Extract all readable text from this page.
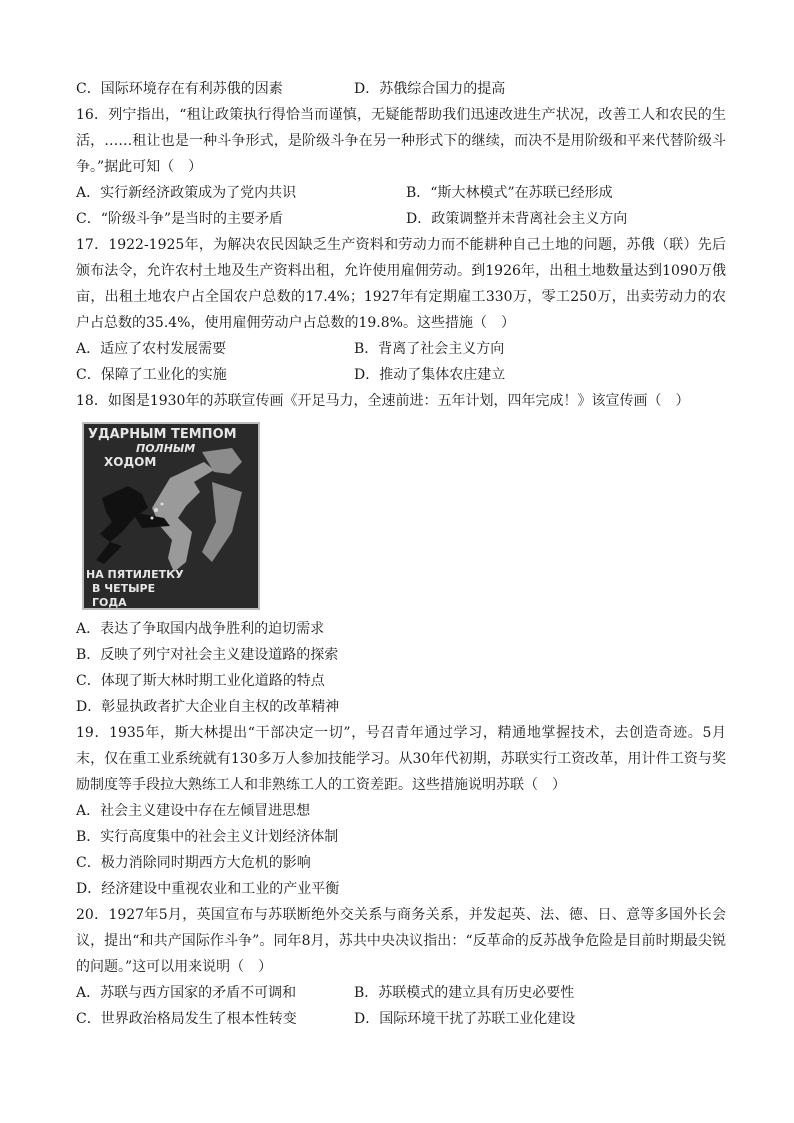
C．国际环境存在有利苏俄的因素	D．苏俄综合国力的提高
16．列宁指出，“租让政策执行得恰当而谨慎，无疑能帮助我们迅速改进生产状况，改善工人和农民的生活，……租让也是一种斗争形式，是阶级斗争在另一种形式下的继续，而决不是用阶级和平来代替阶级斗争。”据此可知（　）
A．实行新经济政策成为了党内共识	B．“斯大林模式”在苏联已经形成
C．“阶级斗争”是当时的主要矛盾	D．政策调整并未背离社会主义方向
17．1922-1925年，为解决农民因缺乏生产资料和劳动力而不能耕种自己土地的问题，苏俄（联）先后颁布法令，允许农村土地及生产资料出租，允许使用雇佣劳动。到1926年，出租土地数量达到1090万俄亩，出租土地农户占全国农户总数的17.4%；1927年有定期雇工330万，零工250万，出卖劳动力的农户占总数的35.4%，使用雇佣劳动户占总数的19.8%。这些措施（　）
A．适应了农村发展需要	B．背离了社会主义方向
C．保障了工业化的实施	D．推动了集体农庄建立
18．如图是1930年的苏联宣传画《开足马力，全速前进：五年计划，四年完成！》该宣传画（　）
УДАРНЫМ ТЕМПОМ
ПОЛНЫМ
ХОДОМ
НА ПЯТИЛЕТКУ
В ЧЕТЫРЕ
ГОДА
A．表达了争取国内战争胜利的迫切需求
B．反映了列宁对社会主义建设道路的探索
C．体现了斯大林时期工业化道路的特点
D．彰显执政者扩大企业自主权的改革精神
19．1935年，斯大林提出“干部决定一切”，号召青年通过学习，精通地掌握技术，去创造奇迹。5月末，仅在重工业系统就有130多万人参加技能学习。从30年代初期，苏联实行工资改革，用计件工资与奖励制度等手段拉大熟练工人和非熟练工人的工资差距。这些措施说明苏联（　）
A．社会主义建设中存在左倾冒进思想
B．实行高度集中的社会主义计划经济体制
C．极力消除同时期西方大危机的影响
D．经济建设中重视农业和工业的产业平衡
20．1927年5月，英国宣布与苏联断绝外交关系与商务关系，并发起英、法、德、日、意等多国外长会议，提出“和共产国际作斗争”。同年8月，苏共中央决议指出：“反革命的反苏战争危险是目前时期最尖锐的问题。”这可以用来说明（　）
A．苏联与西方国家的矛盾不可调和	B．苏联模式的建立具有历史必要性
C．世界政治格局发生了根本性转变	D．国际环境干扰了苏联工业化建设
